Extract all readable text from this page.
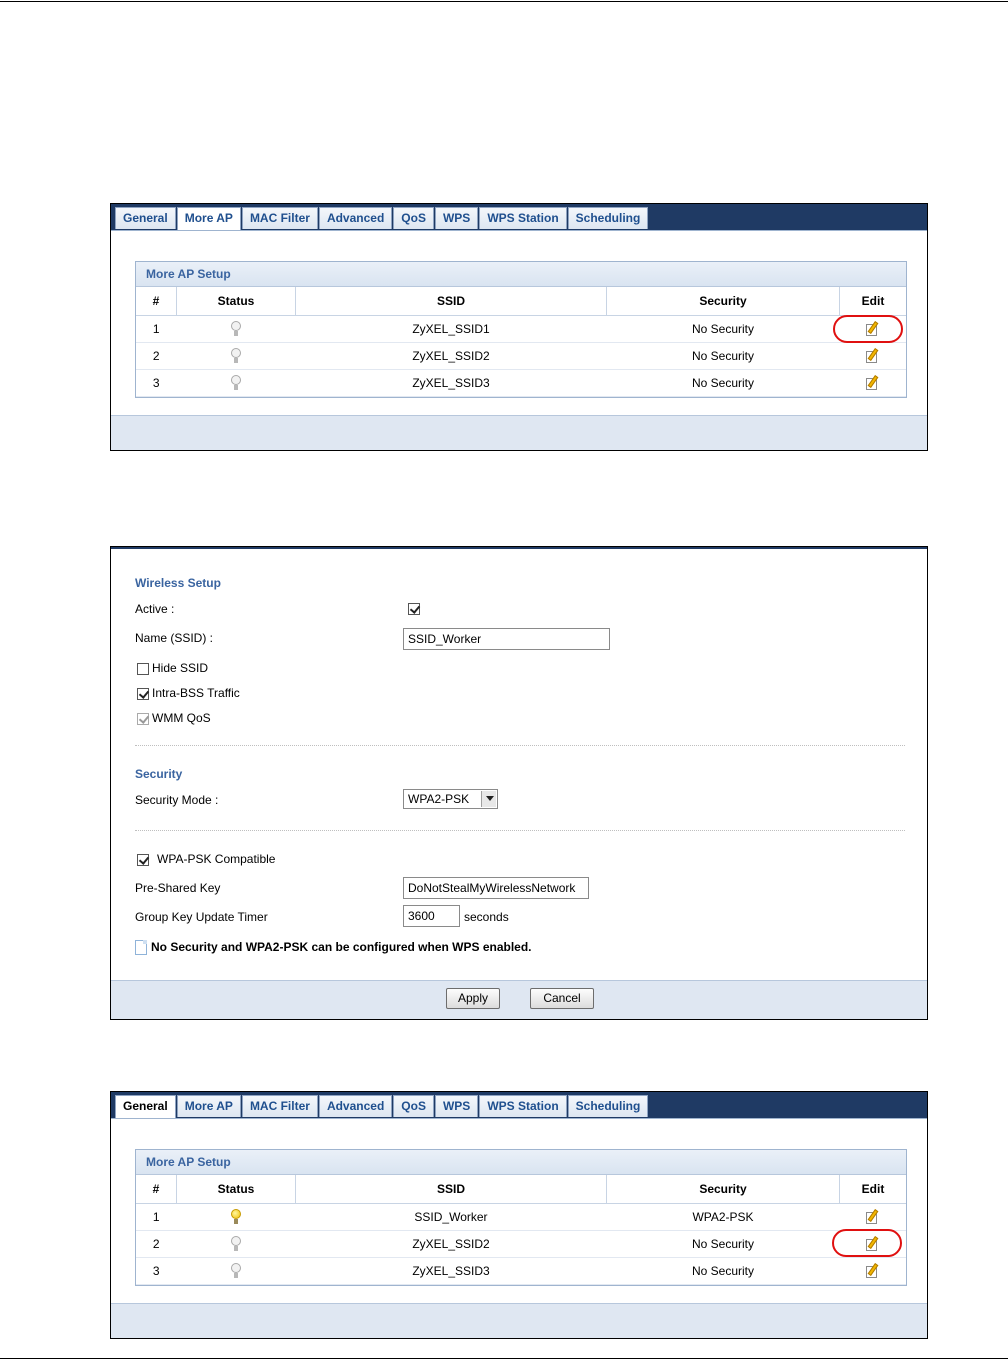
General	More AP	MAC Filter	Advanced	QoS	WPS	WPS Station	Scheduling
More AP Setup
#	Status	SSID	Security	Edit
1		ZyXEL_SSID1	No Security	

2		ZyXEL_SSID2	No Security	

3		ZyXEL_SSID3	No Security	
Wireless Setup
Active :
Name (SSID) :	SSID_Worker
Hide SSID
Intra-BSS Traffic
WMM QoS
Security
Security Mode :	WPA2-PSK
WPA-PSK Compatible
Pre-Shared Key	DoNotStealMyWirelessNetwork
Group Key Update Timer	3600	seconds
No Security and WPA2-PSK can be configured when WPS enabled.
Apply	Cancel
General	More AP	MAC Filter	Advanced	QoS	WPS	WPS Station	Scheduling
More AP Setup
#	Status	SSID	Security	Edit
1		SSID_Worker	WPA2-PSK	

2		ZyXEL_SSID2	No Security	

3		ZyXEL_SSID3	No Security	
